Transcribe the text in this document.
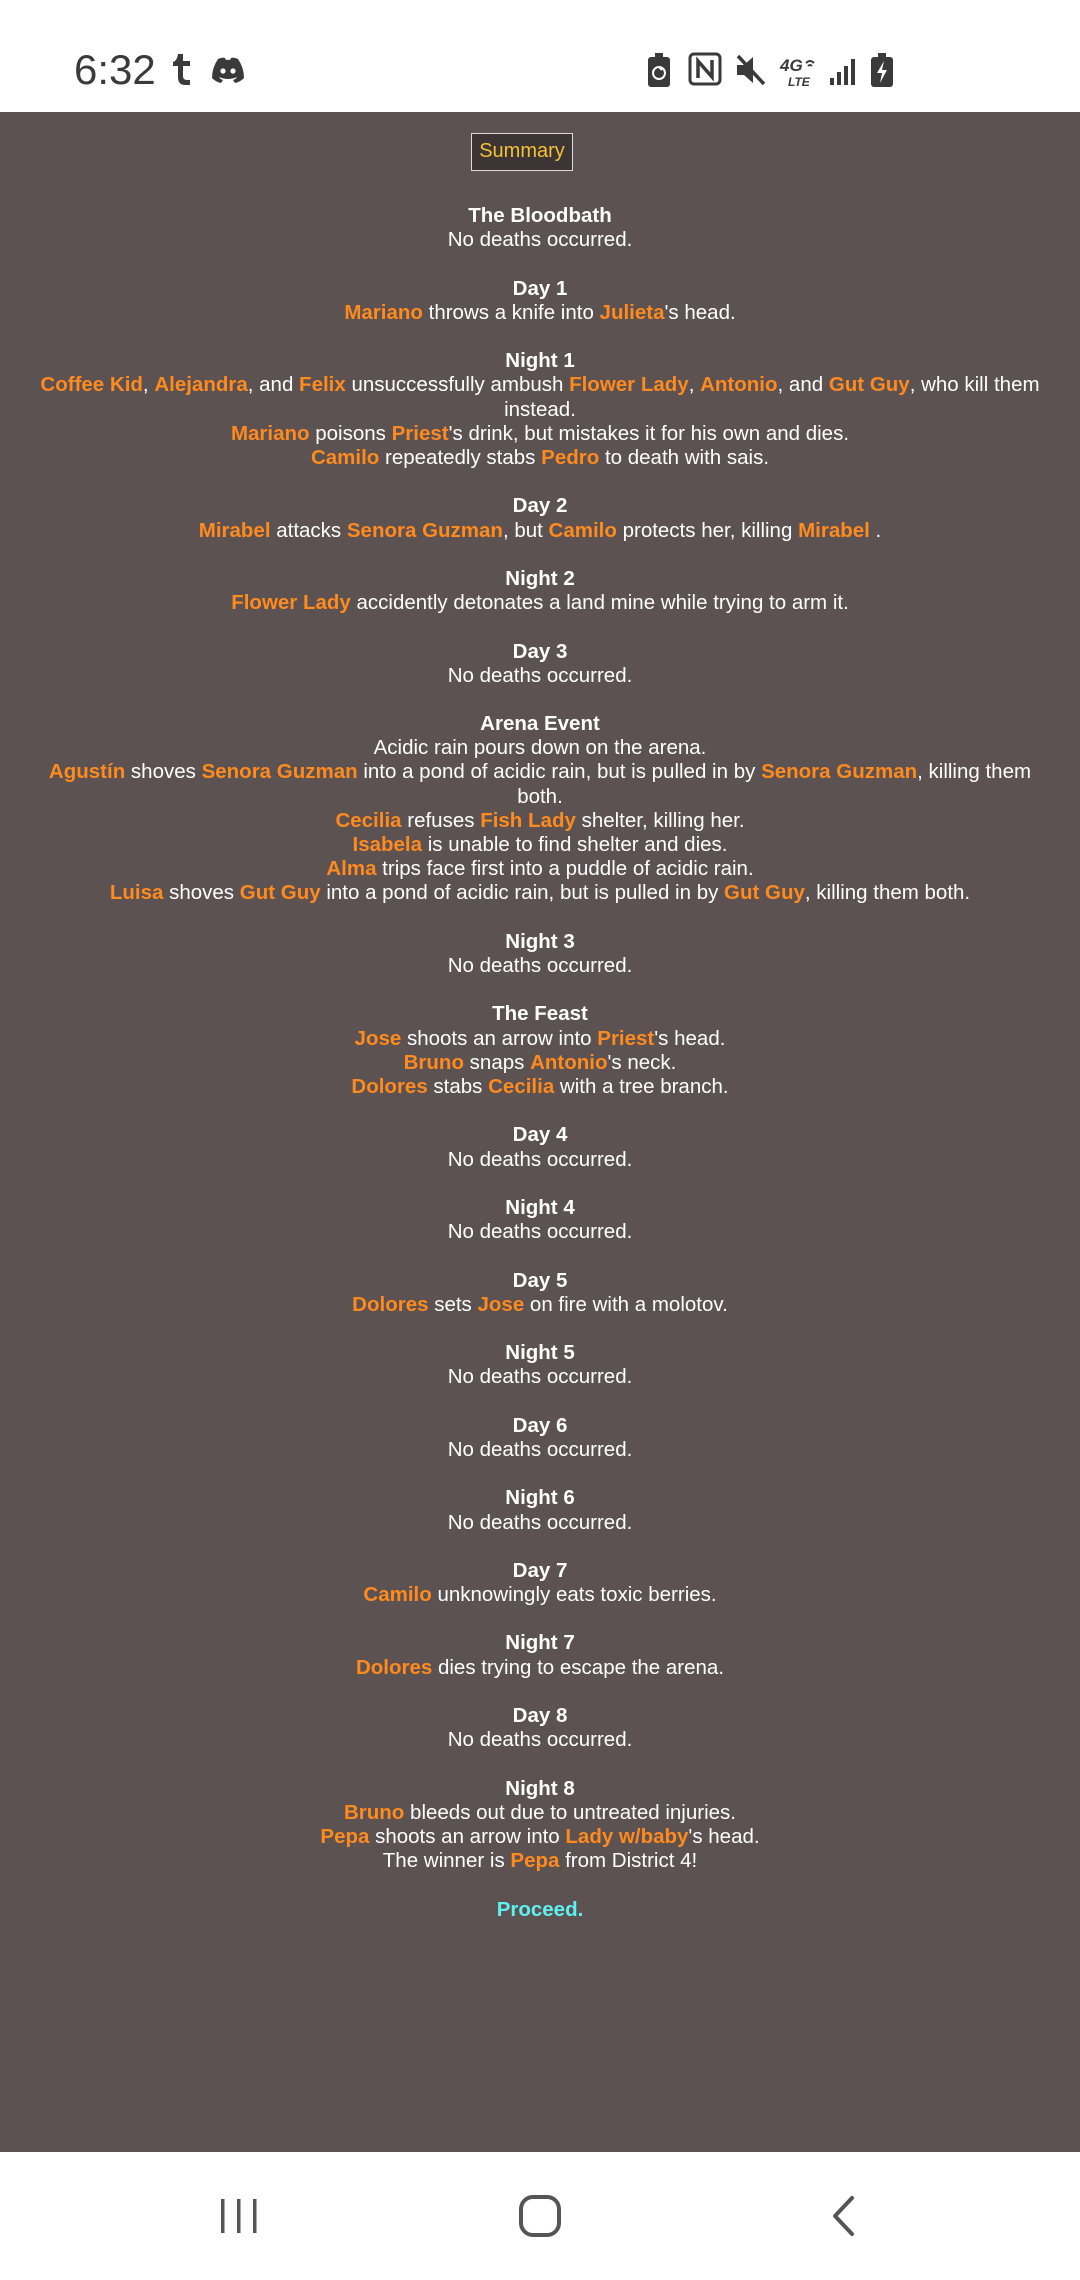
6:32	4G
LTE
Summary
The Bloodbath
No deaths occurred.
Day 1
Mariano throws a knife into Julieta's head.
Night 1
Coffee Kid, Alejandra, and Felix unsuccessfully ambush Flower Lady, Antonio, and Gut Guy, who kill them instead.
Mariano poisons Priest's drink, but mistakes it for his own and dies.
Camilo repeatedly stabs Pedro to death with sais.
Day 2
Mirabel attacks Senora Guzman, but Camilo protects her, killing Mirabel .
Night 2
Flower Lady accidently detonates a land mine while trying to arm it.
Day 3
No deaths occurred.
Arena Event
Acidic rain pours down on the arena.
Agustín shoves Senora Guzman into a pond of acidic rain, but is pulled in by Senora Guzman, killing them both.
Cecilia refuses Fish Lady shelter, killing her.
Isabela is unable to find shelter and dies.
Alma trips face first into a puddle of acidic rain.
Luisa shoves Gut Guy into a pond of acidic rain, but is pulled in by Gut Guy, killing them both.
Night 3
No deaths occurred.
The Feast
Jose shoots an arrow into Priest's head.
Bruno snaps Antonio's neck.
Dolores stabs Cecilia with a tree branch.
Day 4
No deaths occurred.
Night 4
No deaths occurred.
Day 5
Dolores sets Jose on fire with a molotov.
Night 5
No deaths occurred.
Day 6
No deaths occurred.
Night 6
No deaths occurred.
Day 7
Camilo unknowingly eats toxic berries.
Night 7
Dolores dies trying to escape the arena.
Day 8
No deaths occurred.
Night 8
Bruno bleeds out due to untreated injuries.
Pepa shoots an arrow into Lady w/baby's head.
The winner is Pepa from District 4!
Proceed.
